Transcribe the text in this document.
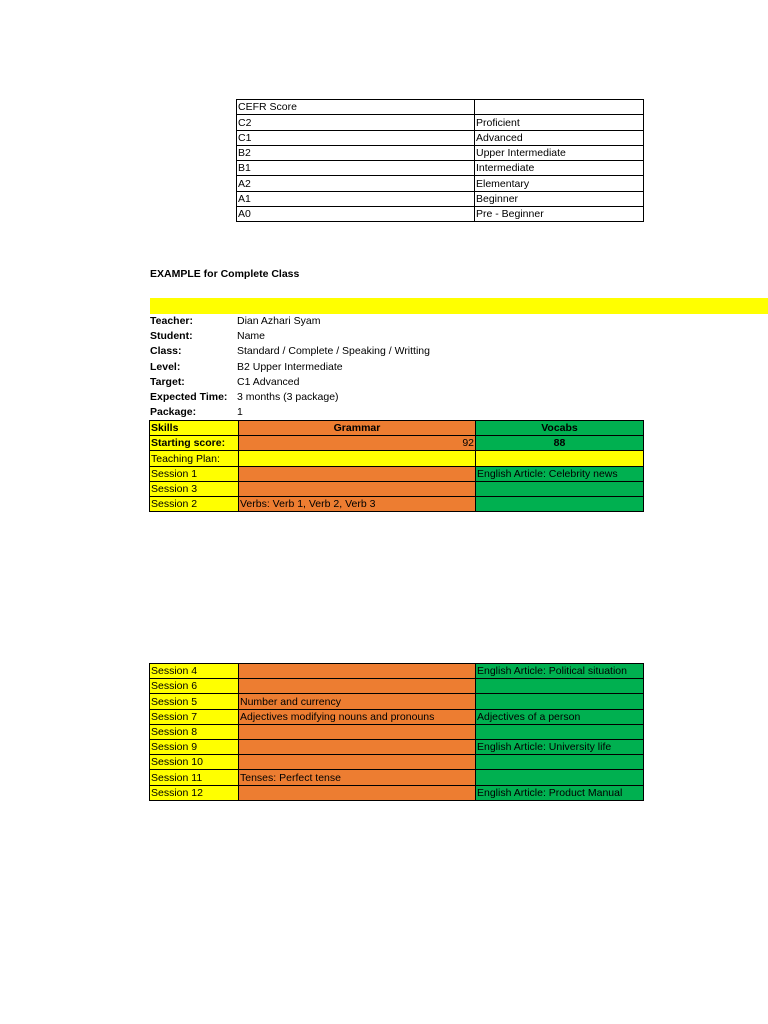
CEFR Score	
C2	Proficient
C1	Advanced
B2	Upper Intermediate
B1	Intermediate
A2	Elementary
A1	Beginner
A0	Pre - Beginner
EXAMPLE for Complete Class
Teacher:	Dian Azhari Syam
Student:	Name
Class:	Standard / Complete / Speaking / Writting
Level:	B2 Upper Intermediate
Target:	C1 Advanced
Expected Time: 3 months (3 package)
Package:	1
Skills	Grammar	Vocabs
Starting score:	92	88
Teaching Plan:		
Session 1		English Article: Celebrity news
Session 3		
Session 2	Verbs: Verb 1, Verb 2, Verb 3	
Session 4		English Article: Political situation
Session 6		
Session 5	Number and currency	
Session 7	Adjectives modifying nouns and pronouns	Adjectives of a person
Session 8		
Session 9		English Article: University life
Session 10		
Session 11	Tenses: Perfect tense	
Session 12		English Article: Product Manual
